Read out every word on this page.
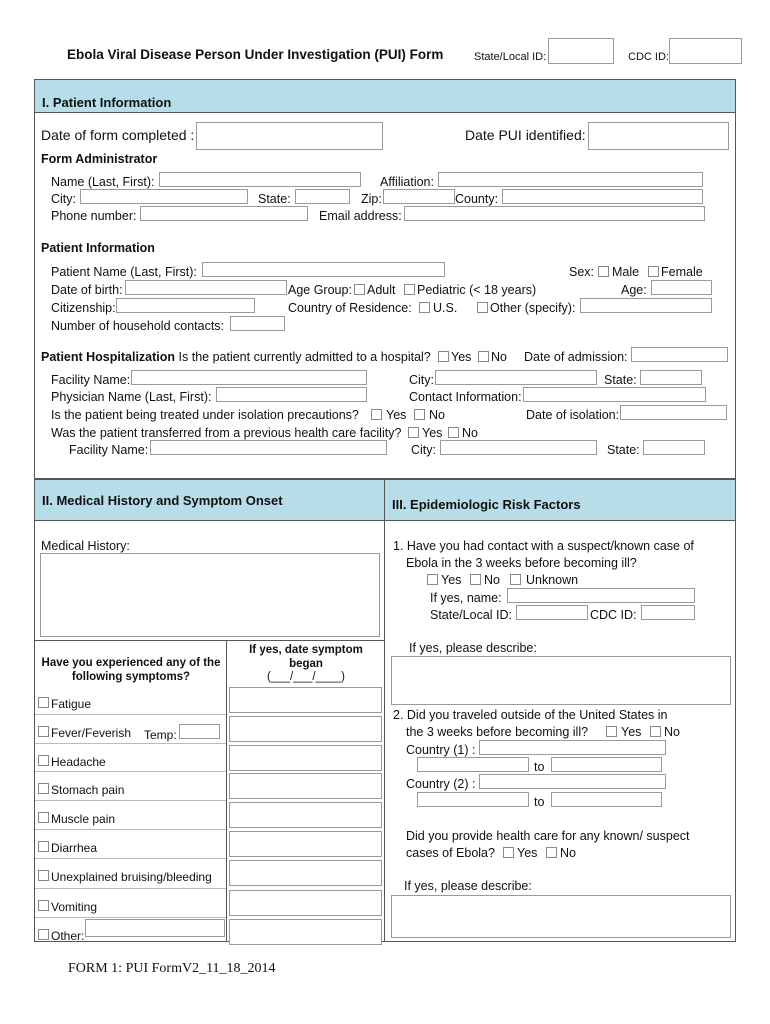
Ebola Viral Disease Person Under Investigation (PUI) Form	State/Local ID:	CDC ID:
I. Patient Information
Date of form completed :	Date PUI identified:
Form Administrator
Name (Last, First):	Affiliation:
City:	State:	Zip:	County:
Phone number:	Email address:
Patient Information
Patient Name (Last, First):	Sex: Male Female
Date of birth:	Age Group: Adult Pediatric (< 18 years)	Age:
Citizenship:	Country of Residence: U.S.	Other (specify):
Number of household contacts:
Patient Hospitalization Is the patient currently admitted to a hospital? Yes No Date of admission:
Facility Name:	City:	State:
Physician Name (Last, First):	Contact Information:
Is the patient being treated under isolation precautions? Yes No	Date of isolation:
Was the patient transferred from a previous health care facility? Yes No
Facility Name:	City:	State:
II. Medical History and Symptom Onset	III. Epidemiologic Risk Factors
Medical History:
Have you experienced any of the following symptoms?
If yes, date symptom began
(___/___/____)
Fatigue
Fever/Feverish Temp:
Headache
Stomach pain
Muscle pain
Diarrhea
Unexplained bruising/bleeding
Vomiting
Other:
1. Have you had contact with a suspect/known case of
Ebola in the 3 weeks before becoming ill?
Yes No Unknown
If yes, name:
State/Local ID:	CDC ID:
If yes, please describe:
2. Did you traveled outside of the United States in
the 3 weeks before becoming ill?	Yes No
Country (1) :
to
Country (2) :
to
Did you provide health care for any known/ suspect
cases of Ebola? Yes No
If yes, please describe:
FORM 1: PUI FormV2_11_18_2014
